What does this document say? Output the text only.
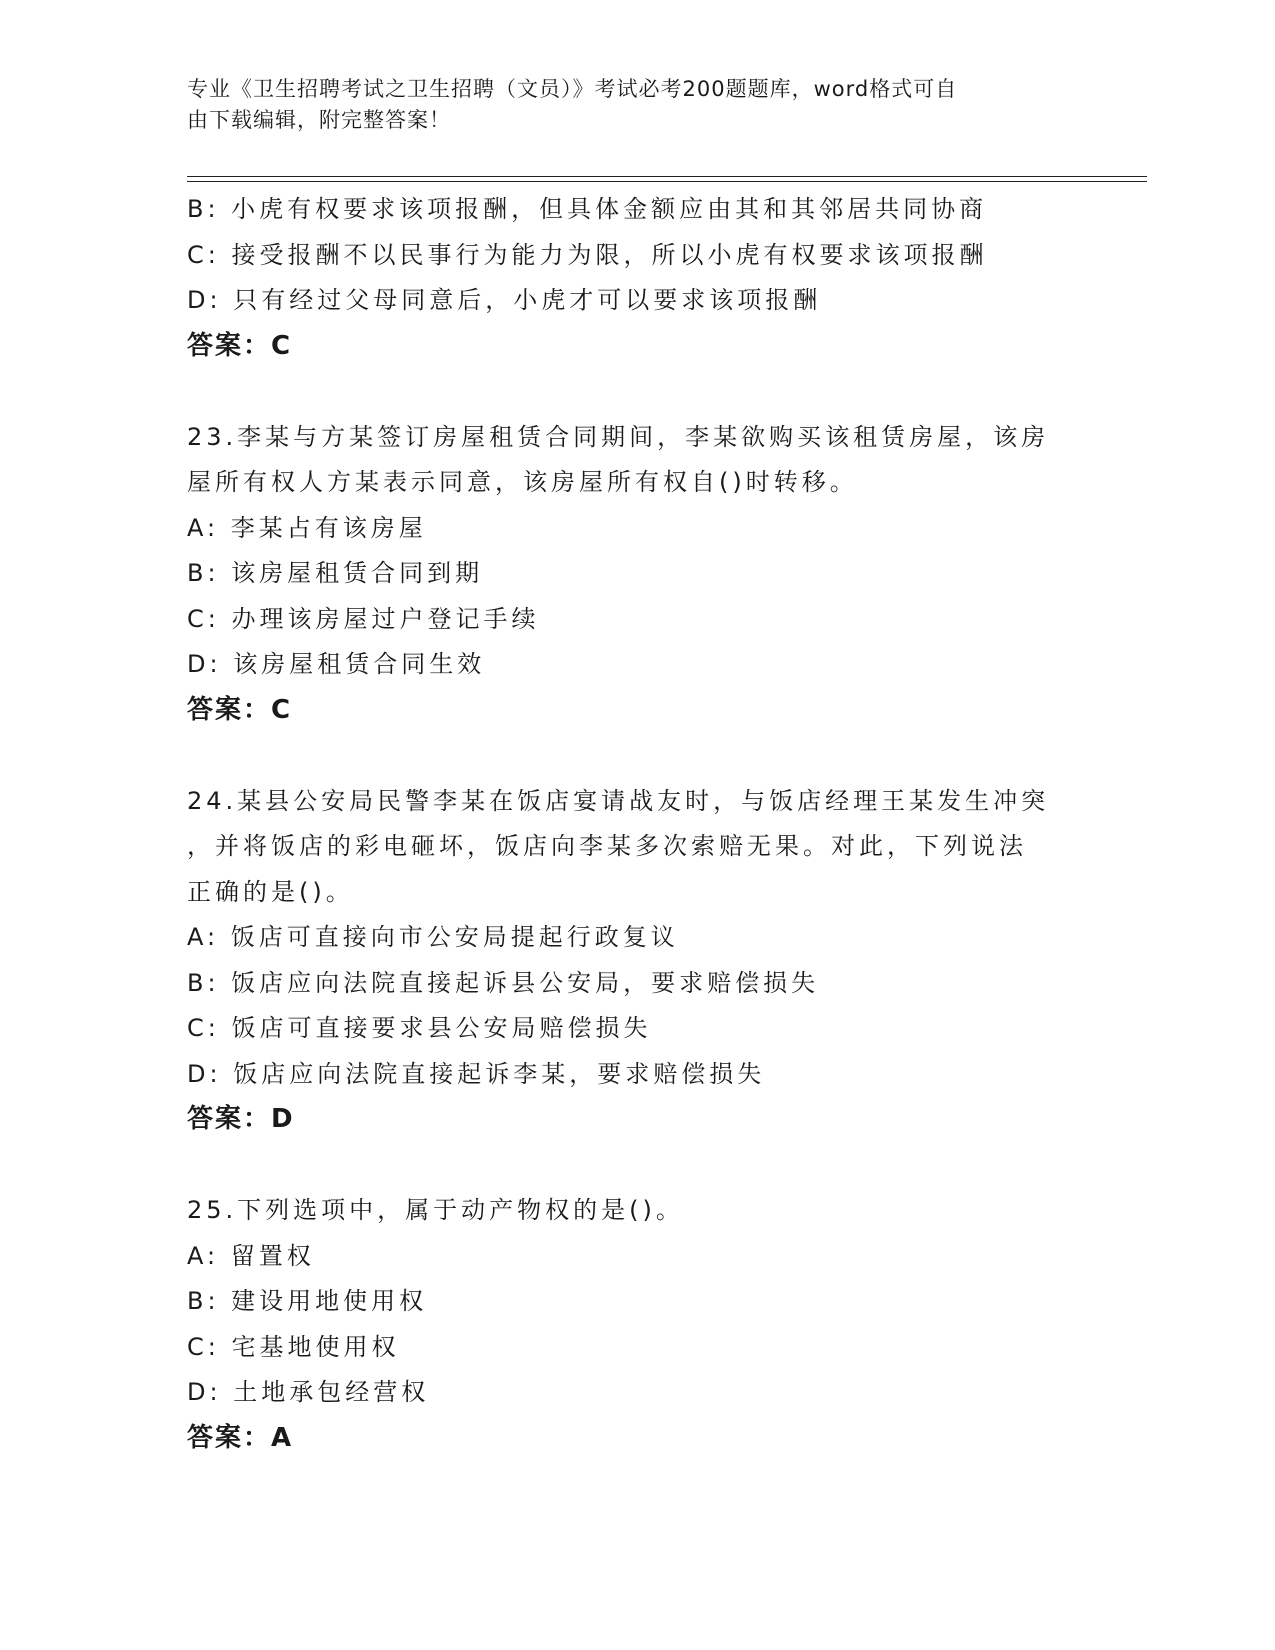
专业《卫生招聘考试之卫生招聘（文员）》考试必考200题题库，word格式可自
由下载编辑，附完整答案！
B: 小虎有权要求该项报酬，但具体金额应由其和其邻居共同协商
C: 接受报酬不以民事行为能力为限，所以小虎有权要求该项报酬
D: 只有经过父母同意后，小虎才可以要求该项报酬
答案：C
23.李某与方某签订房屋租赁合同期间，李某欲购买该租赁房屋，该房
屋所有权人方某表示同意，该房屋所有权自()时转移。
A: 李某占有该房屋
B: 该房屋租赁合同到期
C: 办理该房屋过户登记手续
D: 该房屋租赁合同生效
答案：C
24.某县公安局民警李某在饭店宴请战友时，与饭店经理王某发生冲突
，并将饭店的彩电砸坏，饭店向李某多次索赔无果。对此，下列说法
正确的是()。
A: 饭店可直接向市公安局提起行政复议
B: 饭店应向法院直接起诉县公安局，要求赔偿损失
C: 饭店可直接要求县公安局赔偿损失
D: 饭店应向法院直接起诉李某，要求赔偿损失
答案：D
25.下列选项中，属于动产物权的是()。
A: 留置权
B: 建设用地使用权
C: 宅基地使用权
D: 土地承包经营权
答案：A
